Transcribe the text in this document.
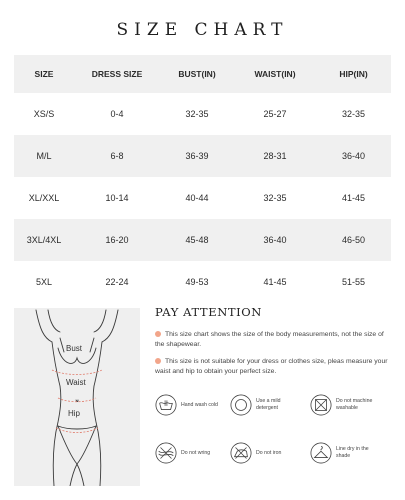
SIZE CHART
SIZE	DRESS SIZE	BUST(IN)	WAIST(IN)	HIP(IN)
XS/S	0-4	32-35	25-27	32-35
M/L	6-8	36-39	28-31	36-40
XL/XXL	10-14	40-44	32-35	41-45
3XL/4XL	16-20	45-48	36-40	46-50
5XL	22-24	49-53	41-45	51-55
Bust
Waist
Hip
PAY ATTENTION
This size chart shows the size of the body measurements, not the size of the shapewear.
This size is not suitable for your dress or clothes size, pleas measure your waist and hip to obtain your perfect size.
Hand wash cold
Use a mild detergent
Do not machine washable
Do not wring	Do not iron
Line dry in the shade
